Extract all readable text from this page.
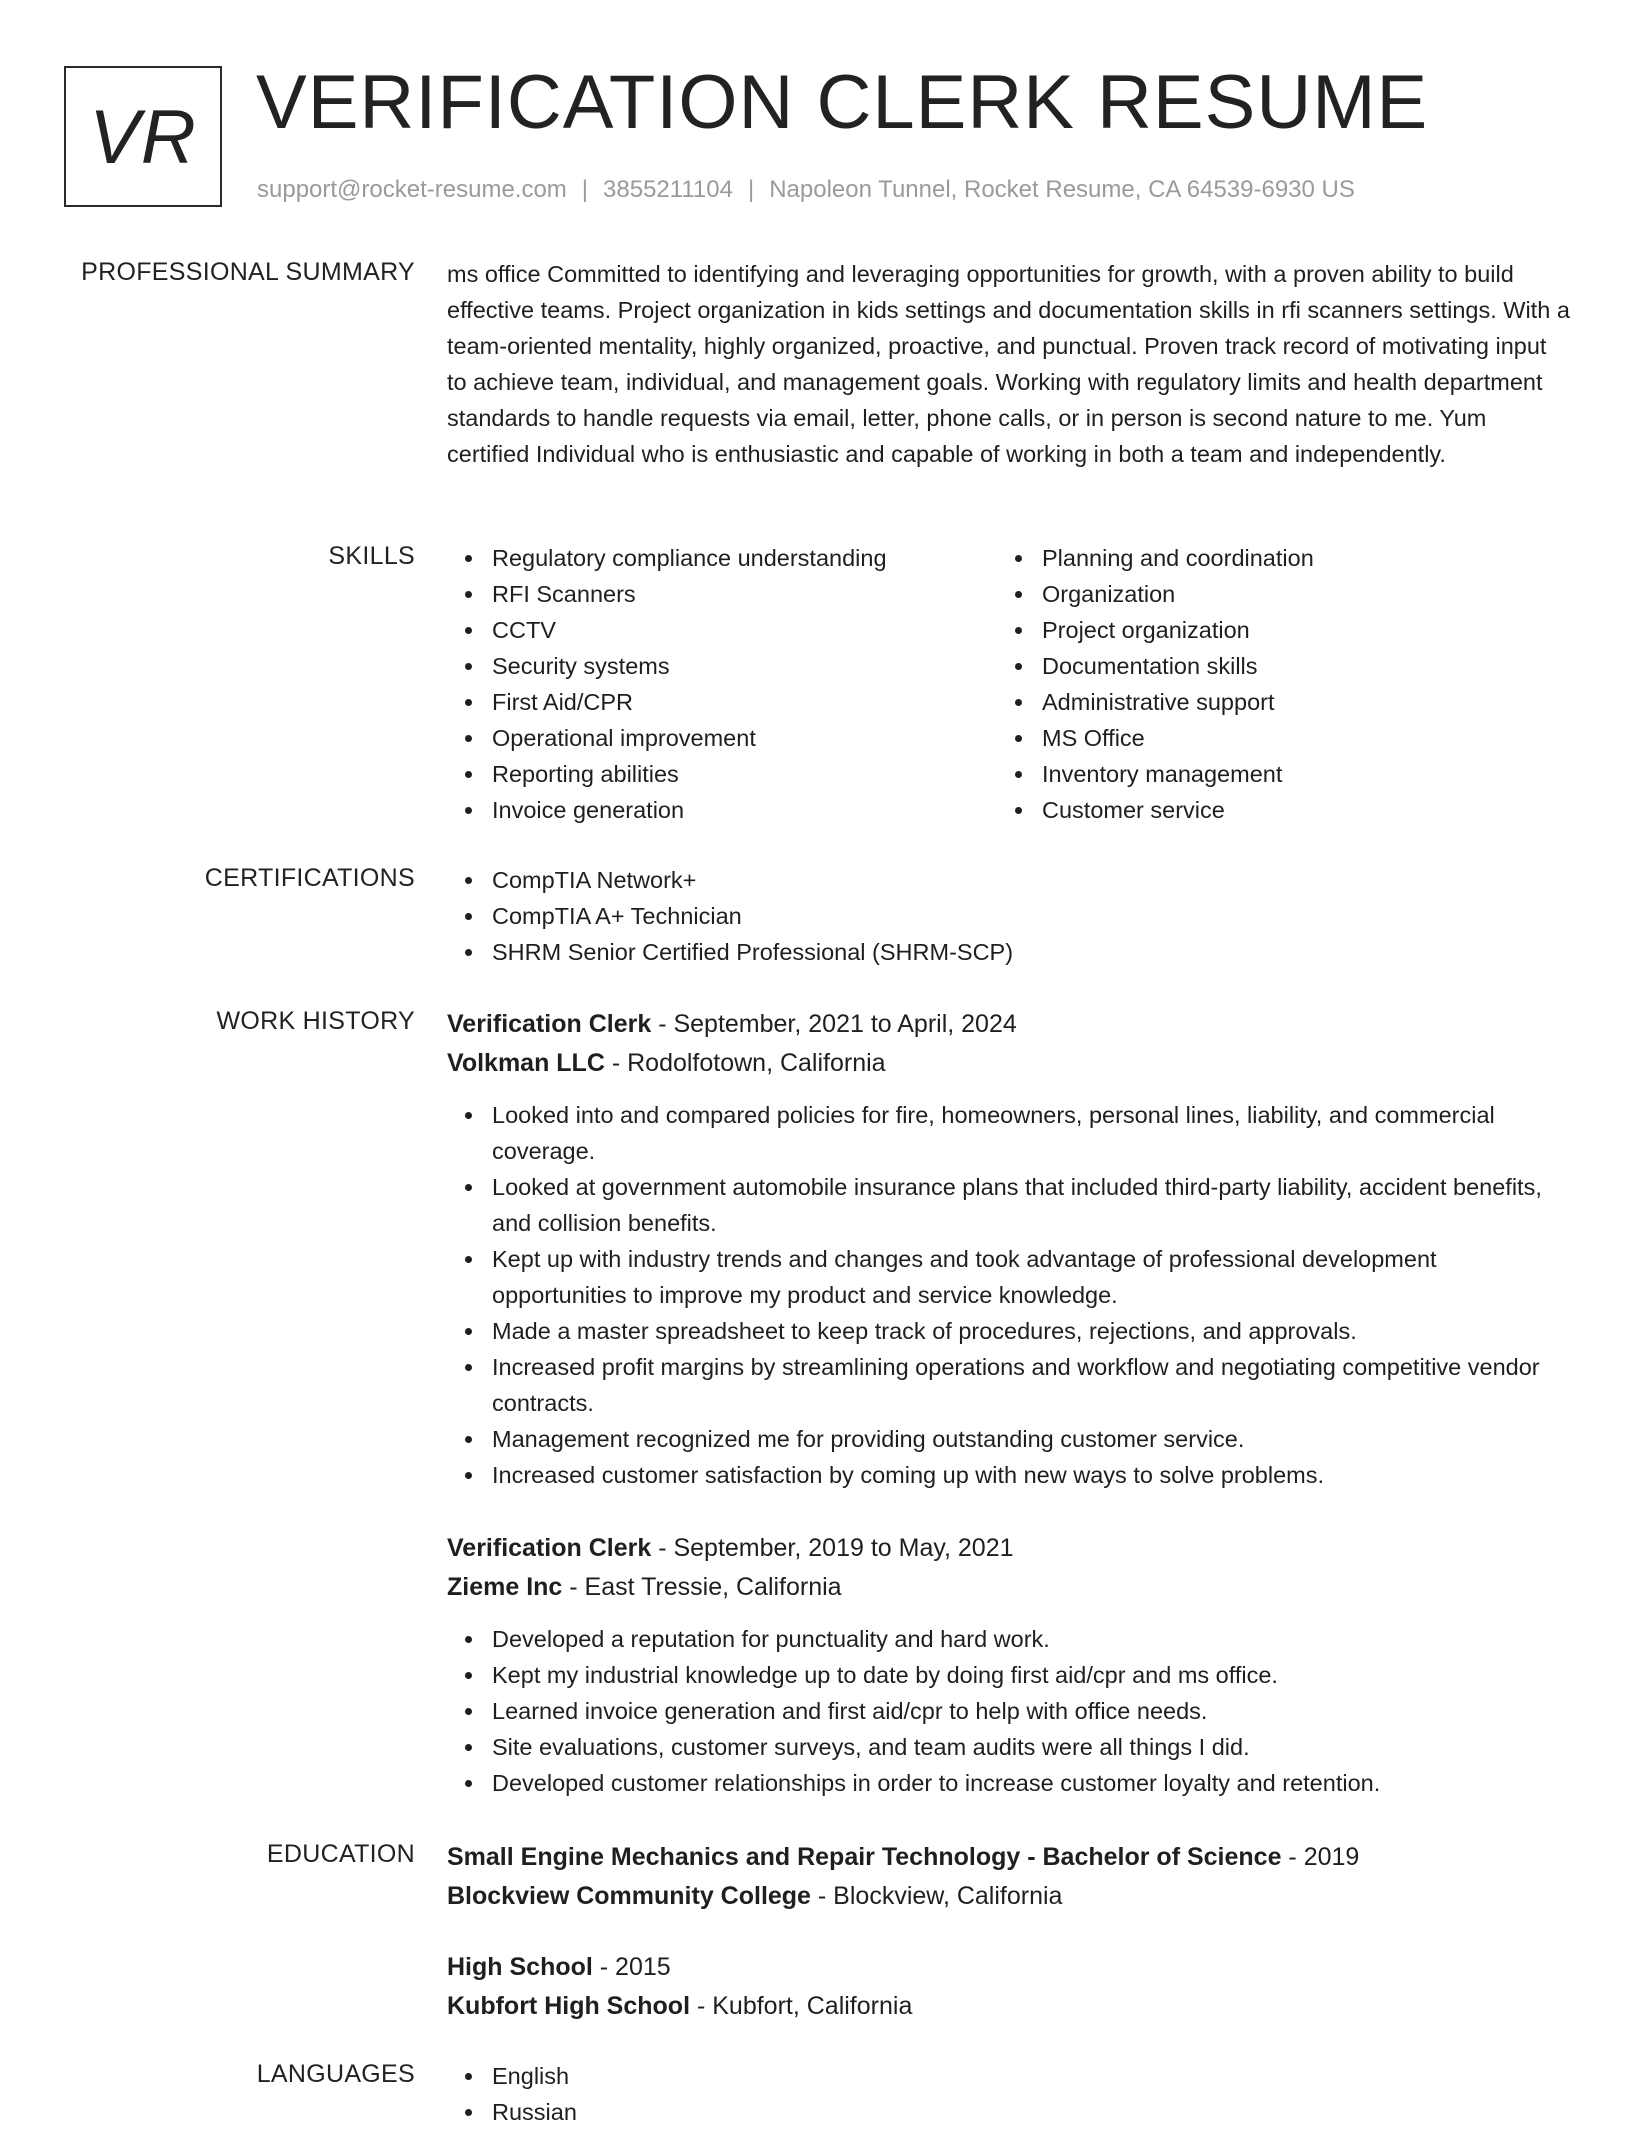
VR VERIFICATION CLERK RESUME
support@rocket-resume.com | 3855211104 | Napoleon Tunnel, Rocket Resume, CA 64539-6930 US
PROFESSIONAL SUMMARY ms office Committed to identifying and leveraging opportunities for growth, with a proven ability to build effective teams. Project organization in kids settings and documentation skills in rfi scanners settings. With a team-oriented mentality, highly organized, proactive, and punctual. Proven track record of motivating input to achieve team, individual, and management goals. Working with regulatory limits and health department standards to handle requests via email, letter, phone calls, or in person is second nature to me. Yum certified Individual who is enthusiastic and capable of working in both a team and independently.

SKILLS	Regulatory compliance understanding
RFI Scanners
CCTV
Security systems
First Aid/CPR
Operational improvement
Reporting abilities
Invoice generation
Planning and coordination
Organization
Project organization
Documentation skills
Administrative support
MS Office
Inventory management
Customer service
CERTIFICATIONS	CompTIA Network+
CompTIA A+ Technician
SHRM Senior Certified Professional (SHRM-SCP)
WORK HISTORY Verification Clerk - September, 2021 to April, 2024
Volkman LLC - Rodolfotown, California
Looked into and compared policies for fire, homeowners, personal lines, liability, and commercial coverage.
Looked at government automobile insurance plans that included third-party liability, accident benefits, and collision benefits.
Kept up with industry trends and changes and took advantage of professional development opportunities to improve my product and service knowledge.
Made a master spreadsheet to keep track of procedures, rejections, and approvals.
Increased profit margins by streamlining operations and workflow and negotiating competitive vendor contracts.
Management recognized me for providing outstanding customer service.
Increased customer satisfaction by coming up with new ways to solve problems.
Verification Clerk - September, 2019 to May, 2021
Zieme Inc - East Tressie, California
Developed a reputation for punctuality and hard work.
Kept my industrial knowledge up to date by doing first aid/cpr and ms office.
Learned invoice generation and first aid/cpr to help with office needs.
Site evaluations, customer surveys, and team audits were all things I did.
Developed customer relationships in order to increase customer loyalty and retention.
EDUCATION Small Engine Mechanics and Repair Technology - Bachelor of Science - 2019
Blockview Community College - Blockview, California
High School - 2015
Kubfort High School - Kubfort, California
LANGUAGES	English
Russian
